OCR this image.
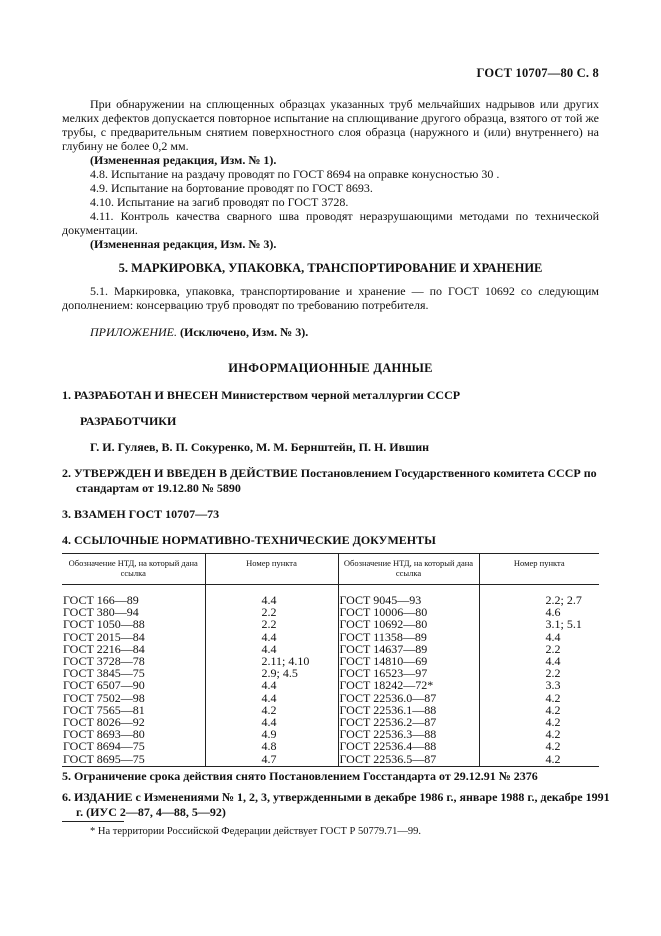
ГОСТ 10707—80 С. 8
При обнаружении на сплющенных образцах указанных труб мельчайших надрывов или других мелких дефектов допускается повторное испытание на сплющивание другого образца, взятого от той же трубы, с предварительным снятием поверхностного слоя образца (наружного и (или) внутреннего) на глубину не более 0,2 мм.
(Измененная редакция, Изм. № 1).
4.8. Испытание на раздачу проводят по ГОСТ 8694 на оправке конусностью 30 .
4.9. Испытание на бортование проводят по ГОСТ 8693.
4.10. Испытание на загиб проводят по ГОСТ 3728.
4.11. Контроль качества сварного шва проводят неразрушающими методами по технической документации.
(Измененная редакция, Изм. № 3).
5. МАРКИРОВКА, УПАКОВКА, ТРАНСПОРТИРОВАНИЕ И ХРАНЕНИЕ
5.1. Маркировка, упаковка, транспортирование и хранение — по ГОСТ 10692 со следующим дополнением: консервацию труб проводят по требованию потребителя.
ПРИЛОЖЕНИЕ. (Исключено, Изм. № 3).
ИНФОРМАЦИОННЫЕ ДАННЫЕ
1. РАЗРАБОТАН И ВНЕСЕН Министерством черной металлургии СССР
РАЗРАБОТЧИКИ
Г. И. Гуляев, В. П. Сокуренко, М. М. Бернштейн, П. Н. Ившин
2. УТВЕРЖДЕН И ВВЕДЕН В ДЕЙСТВИЕ Постановлением Государственного комитета СССР по стандартам от 19.12.80 № 5890
3. ВЗАМЕН ГОСТ 10707—73
4. ССЫЛОЧНЫЕ НОРМАТИВНО-ТЕХНИЧЕСКИЕ ДОКУМЕНТЫ
Обозначение НТД, на который дана ссылка	Номер пункта	Обозначение НТД, на который дана ссылка	Номер пункта
ГОСТ 166—89	4.4	ГОСТ 9045—93	2.2; 2.7
ГОСТ 380—94	2.2	ГОСТ 10006—80	4.6
ГОСТ 1050—88	2.2	ГОСТ 10692—80	3.1; 5.1
ГОСТ 2015—84	4.4	ГОСТ 11358—89	4.4
ГОСТ 2216—84	4.4	ГОСТ 14637—89	2.2
ГОСТ 3728—78	2.11; 4.10	ГОСТ 14810—69	4.4
ГОСТ 3845—75	2.9; 4.5	ГОСТ 16523—97	2.2
ГОСТ 6507—90	4.4	ГОСТ 18242—72*	3.3
ГОСТ 7502—98	4.4	ГОСТ 22536.0—87	4.2
ГОСТ 7565—81	4.2	ГОСТ 22536.1—88	4.2
ГОСТ 8026—92	4.4	ГОСТ 22536.2—87	4.2
ГОСТ 8693—80	4.9	ГОСТ 22536.3—88	4.2
ГОСТ 8694—75	4.8	ГОСТ 22536.4—88	4.2
ГОСТ 8695—75	4.7	ГОСТ 22536.5—87	4.2
5. Ограничение срока действия снято Постановлением Госстандарта от 29.12.91 № 2376
6. ИЗДАНИЕ с Изменениями № 1, 2, 3, утвержденными в декабре 1986 г., январе 1988 г., декабре 1991 г. (ИУС 2—87, 4—88, 5—92)
* На территории Российской Федерации действует ГОСТ Р 50779.71—99.
